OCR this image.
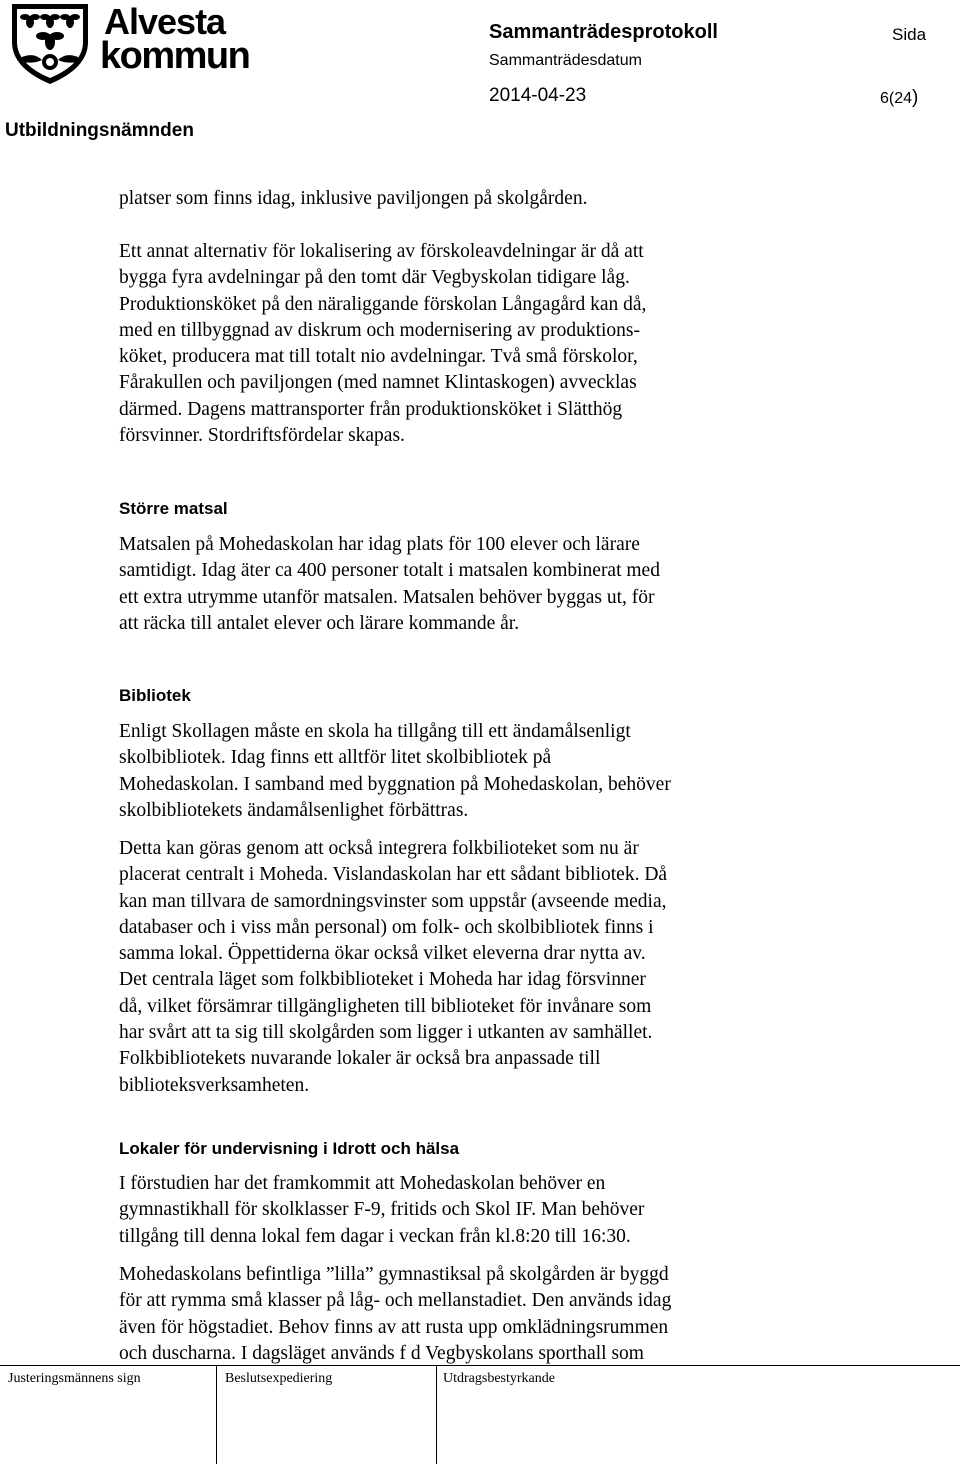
Alvesta
kommun
Sammanträdesprotokoll
Sammanträdesdatum
Sida
2014-04-23	6(24)
Utbildningsnämnden
platser som finns idag, inklusive paviljongen på skolgården.
Ett annat alternativ för lokalisering av förskoleavdelningar är då att
bygga fyra avdelningar på den tomt där Vegbyskolan tidigare låg.
Produktionsköket på den näraliggande förskolan Långagård kan då,
med en tillbyggnad av diskrum och modernisering av produktions-
köket, producera mat till totalt nio avdelningar. Två små förskolor,
Fårakullen och paviljongen (med namnet Klintaskogen) avvecklas
därmed. Dagens mattransporter från produktionsköket i Slätthög
försvinner. Stordriftsfördelar skapas.
Större matsal
Matsalen på Mohedaskolan har idag plats för 100 elever och lärare
samtidigt. Idag äter ca 400 personer totalt i matsalen kombinerat med
ett extra utrymme utanför matsalen. Matsalen behöver byggas ut, för
att räcka till antalet elever och lärare kommande år.
Bibliotek
Enligt Skollagen måste en skola ha tillgång till ett ändamålsenligt
skolbibliotek. Idag finns ett alltför litet skolbibliotek på
Mohedaskolan. I samband med byggnation på Mohedaskolan, behöver
skolbibliotekets ändamålsenlighet förbättras.
Detta kan göras genom att också integrera folkbilioteket som nu är
placerat centralt i Moheda. Vislandaskolan har ett sådant bibliotek. Då
kan man tillvara de samordningsvinster som uppstår (avseende media,
databaser och i viss mån personal) om folk- och skolbibliotek finns i
samma lokal. Öppettiderna ökar också vilket eleverna drar nytta av.
Det centrala läget som folkbiblioteket i Moheda har idag försvinner
då, vilket försämrar tillgängligheten till biblioteket för invånare som
har svårt att ta sig till skolgården som ligger i utkanten av samhället.
Folkbibliotekets nuvarande lokaler är också bra anpassade till
biblioteksverksamheten.
Lokaler för undervisning i Idrott och hälsa
I förstudien har det framkommit att Mohedaskolan behöver en
gymnastikhall för skolklasser F-9, fritids och Skol IF. Man behöver
tillgång till denna lokal fem dagar i veckan från kl.8:20 till 16:30.
Mohedaskolans befintliga ”lilla” gymnastiksal på skolgården är byggd
för att rymma små klasser på låg- och mellanstadiet. Den används idag
även för högstadiet. Behov finns av att rusta upp omklädningsrummen
och duscharna. I dagsläget används f d Vegbyskolans sporthall som
Justeringsmännens sign	Beslutsexpediering	Utdragsbestyrkande
